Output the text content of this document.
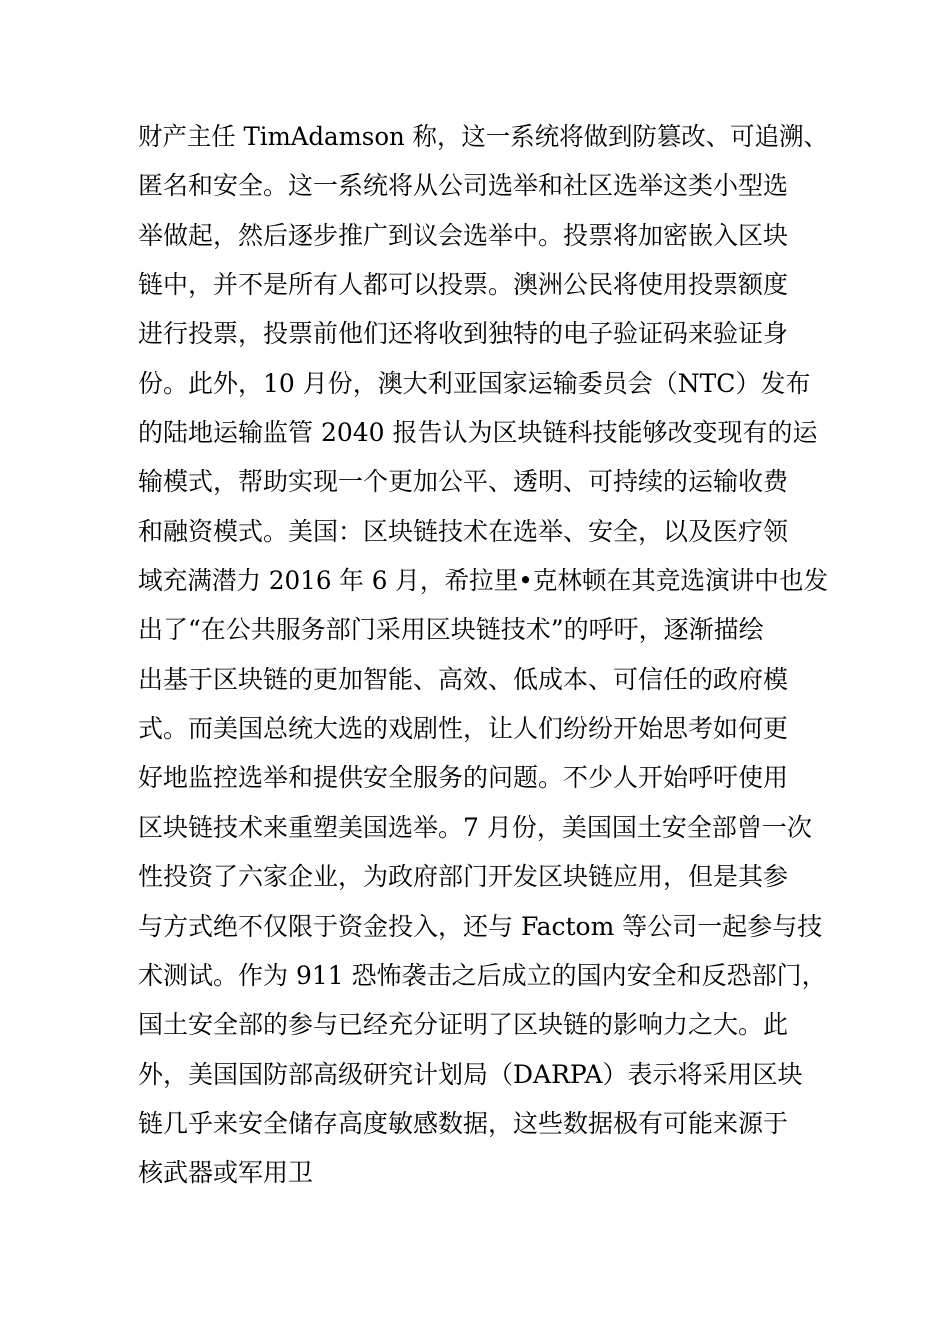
财产主任 TimAdamson 称，这一系统将做到防篡改、可追溯、
匿名和安全。这一系统将从公司选举和社区选举这类小型选
举做起，然后逐步推广到议会选举中。投票将加密嵌入区块
链中，并不是所有人都可以投票。澳洲公民将使用投票额度
进行投票，投票前他们还将收到独特的电子验证码来验证身
份。此外，10 月份，澳大利亚国家运输委员会（NTC）发布
的陆地运输监管 2040 报告认为区块链科技能够改变现有的运
输模式，帮助实现一个更加公平、透明、可持续的运输收费
和融资模式。美国：区块链技术在选举、安全，以及医疗领
域充满潜力 2016 年 6 月，希拉里•克林顿在其竞选演讲中也发
出了“在公共服务部门采用区块链技术”的呼吁，逐渐描绘
出基于区块链的更加智能、高效、低成本、可信任的政府模
式。而美国总统大选的戏剧性，让人们纷纷开始思考如何更
好地监控选举和提供安全服务的问题。不少人开始呼吁使用
区块链技术来重塑美国选举。7 月份，美国国土安全部曾一次
性投资了六家企业，为政府部门开发区块链应用，但是其参
与方式绝不仅限于资金投入，还与 Factom 等公司一起参与技
术测试。作为 911 恐怖袭击之后成立的国内安全和反恐部门，
国土安全部的参与已经充分证明了区块链的影响力之大。此
外，美国国防部高级研究计划局（DARPA）表示将采用区块
链几乎来安全储存高度敏感数据，这些数据极有可能来源于
核武器或军用卫
